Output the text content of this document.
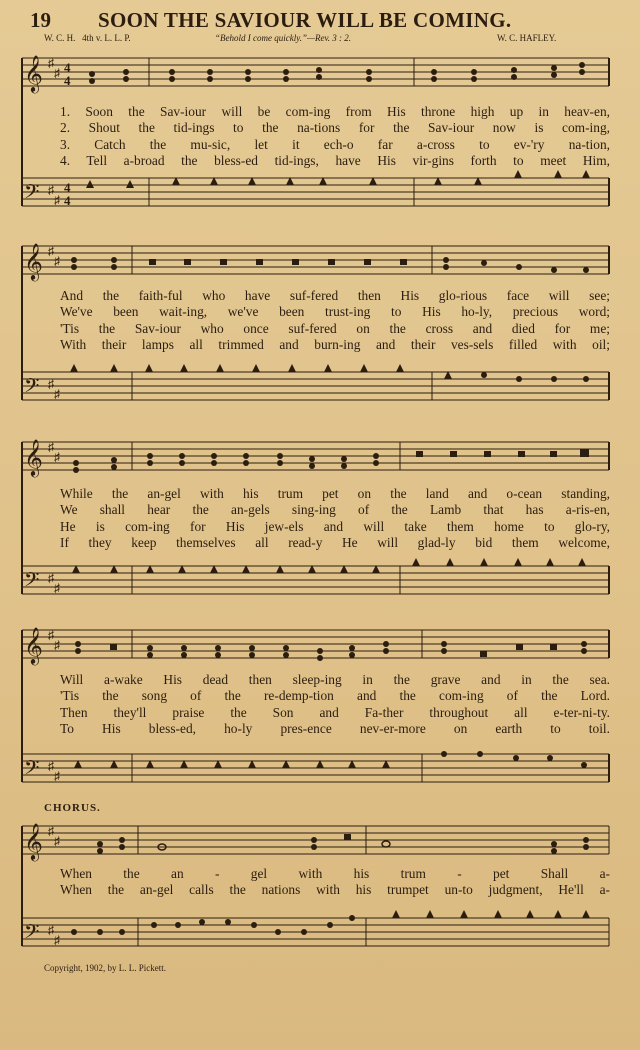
19 SOON THE SAVIOUR WILL BE COMING.
W. C. H. 4th v. L. L. P.	“Behold I come quickly.”—Rev. 3 : 2.	W. C. HAFLEY.
𝄞
𝄢
♯
♯
♯
♯
4
4
4
4
1. Soon the Sav-iour will be com-ing from His throne high up in heav-en,
2. Shout the tid-ings to the na-tions for the Sav-iour now is com-ing,
3. Catch the mu-sic, let it ech-o far a-cross to ev-'ry na-tion,
4. Tell a-broad the bless-ed tid-ings, have His vir-gins forth to meet Him,
𝄞
𝄢
♯
♯
♯
♯
And the faith-ful who have suf-fered then His glo-rious face will see;
We've been wait-ing, we've been trust-ing to His ho-ly, precious word;
'Tis the Sav-iour who once suf-fered on the cross and died for me;
With their lamps all trimmed and burn-ing and their ves-sels filled with oil;
𝄞
𝄢
♯
♯
♯
♯
While the an-gel with his trum pet on the land and o-cean standing,
We shall hear the an-gels sing-ing of the Lamb that has a-ris-en,
He is com-ing for His jew-els and will take them home to glo-ry,
If they keep themselves all read-y He will glad-ly bid them welcome,
𝄞
𝄢
♯
♯
♯
♯
Will a-wake His dead then sleep-ing in the grave and in the sea.
'Tis the song of the re-demp-tion and the com-ing of the Lord.
Then they'll praise the Son and Fa-ther throughout all e-ter-ni-ty.
To His bless-ed, ho-ly pres-ence nev-er-more on earth to toil.
CHORUS.
𝄞
𝄢
♯
♯
♯
♯
When the an - gel with his trum - pet Shall a-
When the an-gel calls the nations with his trumpet un-to judgment, He'll a-
Copyright, 1902, by L. L. Pickett.
